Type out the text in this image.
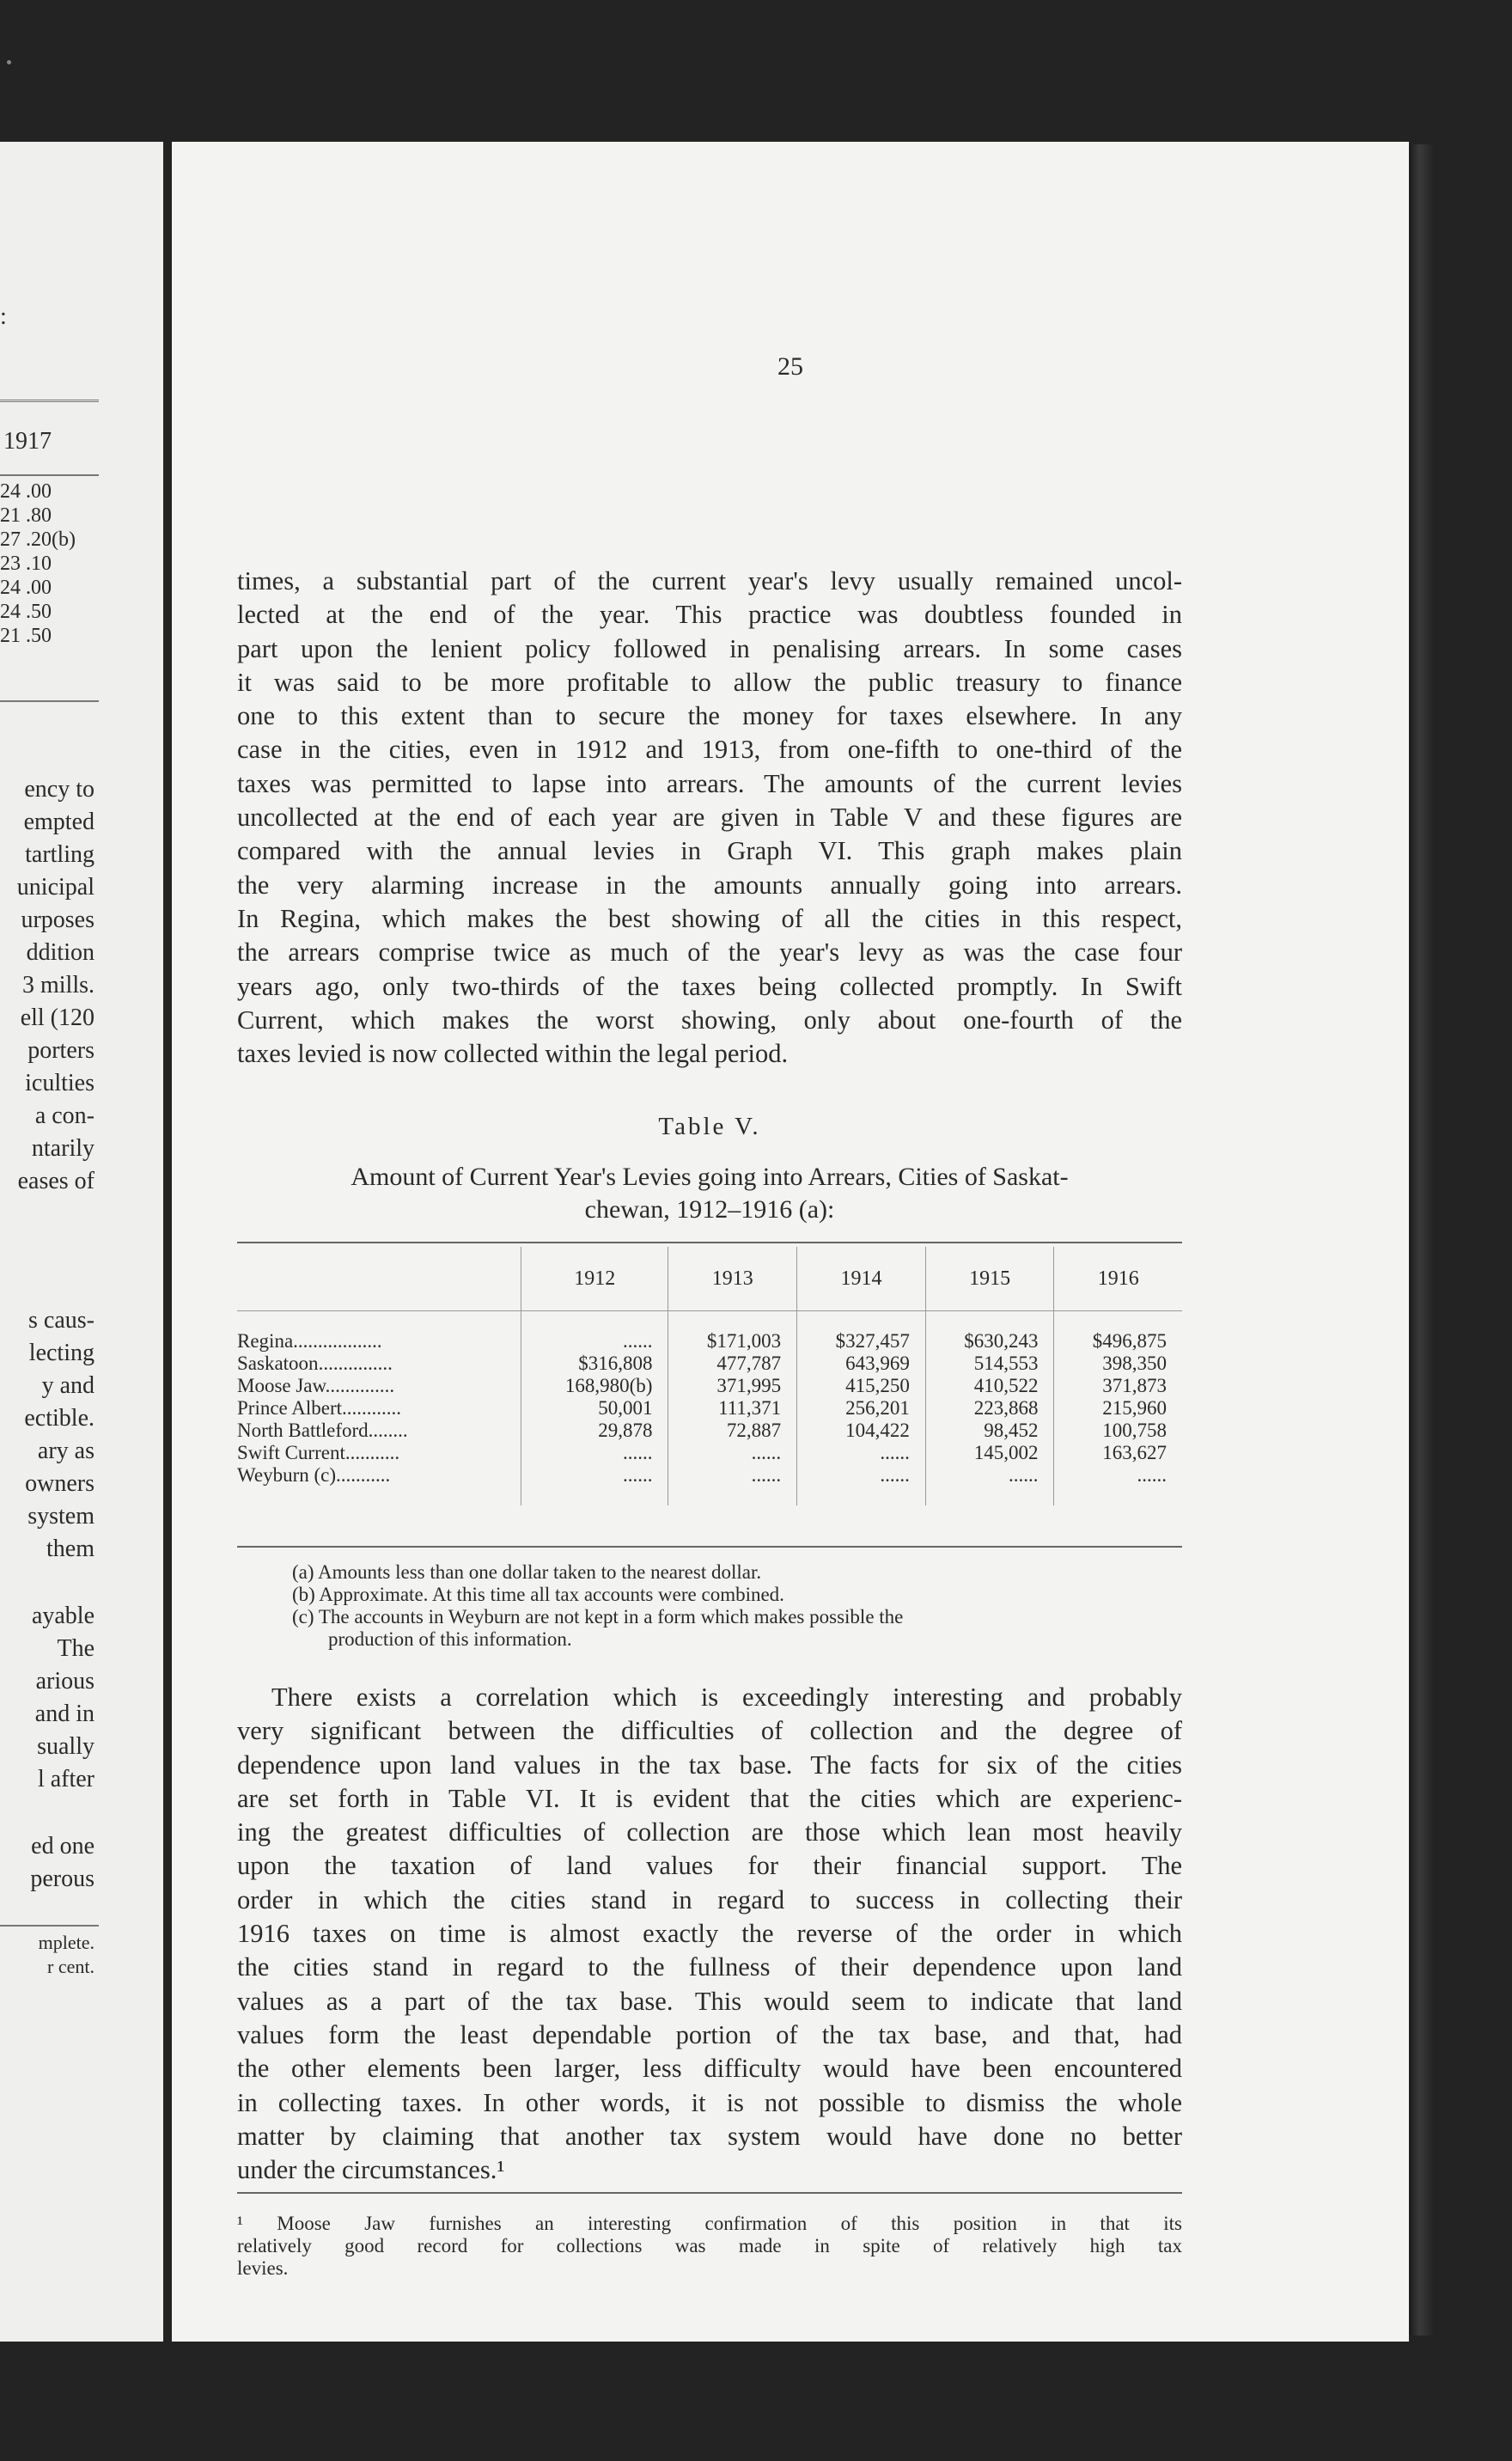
:
1917
24 .00
21 .80
27 .20(b)
23 .10
24 .00
24 .50
21 .50
ency to
empted
tartling
unicipal
urposes
ddition
3 mills.
ell (120
porters
iculties
a con-
ntarily
eases of
s caus-
lecting
y and
ectible.
ary as
owners
system
them
ayable
The
arious
and in
sually
l after
ed one
perous
mplete.
r cent.
25

times, a substantial part of the current year's levy usually remained uncol-
lected at the end of the year. This practice was doubtless founded in
part upon the lenient policy followed in penalising arrears. In some cases
it was said to be more profitable to allow the public treasury to finance
one to this extent than to secure the money for taxes elsewhere. In any
case in the cities, even in 1912 and 1913, from one-fifth to one-third of the
taxes was permitted to lapse into arrears. The amounts of the current levies
uncollected at the end of each year are given in Table V and these figures are
compared with the annual levies in Graph VI. This graph makes plain
the very alarming increase in the amounts annually going into arrears.
In Regina, which makes the best showing of all the cities in this respect,
the arrears comprise twice as much of the year's levy as was the case four
years ago, only two-thirds of the taxes being collected promptly. In Swift
Current, which makes the worst showing, only about one-fourth of the
taxes levied is now collected within the legal period.

Table V.
Amount of Current Year's Levies going into Arrears, Cities of Saskat-
chewan, 1912–1916 (a):
	1912	1913	1914	1915	1916
Regina..................	......	$171,003	$327,457	$630,243	$496,875
Saskatoon...............	$316,808	477,787	643,969	514,553	398,350
Moose Jaw..............	168,980(b)	371,995	415,250	410,522	371,873
Prince Albert............	50,001	111,371	256,201	223,868	215,960
North Battleford........	29,878	72,887	104,422	98,452	100,758
Swift Current...........	......	......	......	145,002	163,627
Weyburn (c)...........	......	......	......	......	......
(a) Amounts less than one dollar taken to the nearest dollar.
(b) Approximate. At this time all tax accounts were combined.
(c) The accounts in Weyburn are not kept in a form which makes possible the
production of this information.

There exists a correlation which is exceedingly interesting and probably
very significant between the difficulties of collection and the degree of
dependence upon land values in the tax base. The facts for six of the cities
are set forth in Table VI. It is evident that the cities which are experienc-
ing the greatest difficulties of collection are those which lean most heavily
upon the taxation of land values for their financial support. The
order in which the cities stand in regard to success in collecting their
1916 taxes on time is almost exactly the reverse of the order in which
the cities stand in regard to the fullness of their dependence upon land
values as a part of the tax base. This would seem to indicate that land
values form the least dependable portion of the tax base, and that, had
the other elements been larger, less difficulty would have been encountered
in collecting taxes. In other words, it is not possible to dismiss the whole
matter by claiming that another tax system would have done no better
under the circumstances.¹

¹ Moose Jaw furnishes an interesting confirmation of this position in that its
relatively good record for collections was made in spite of relatively high tax
levies.
